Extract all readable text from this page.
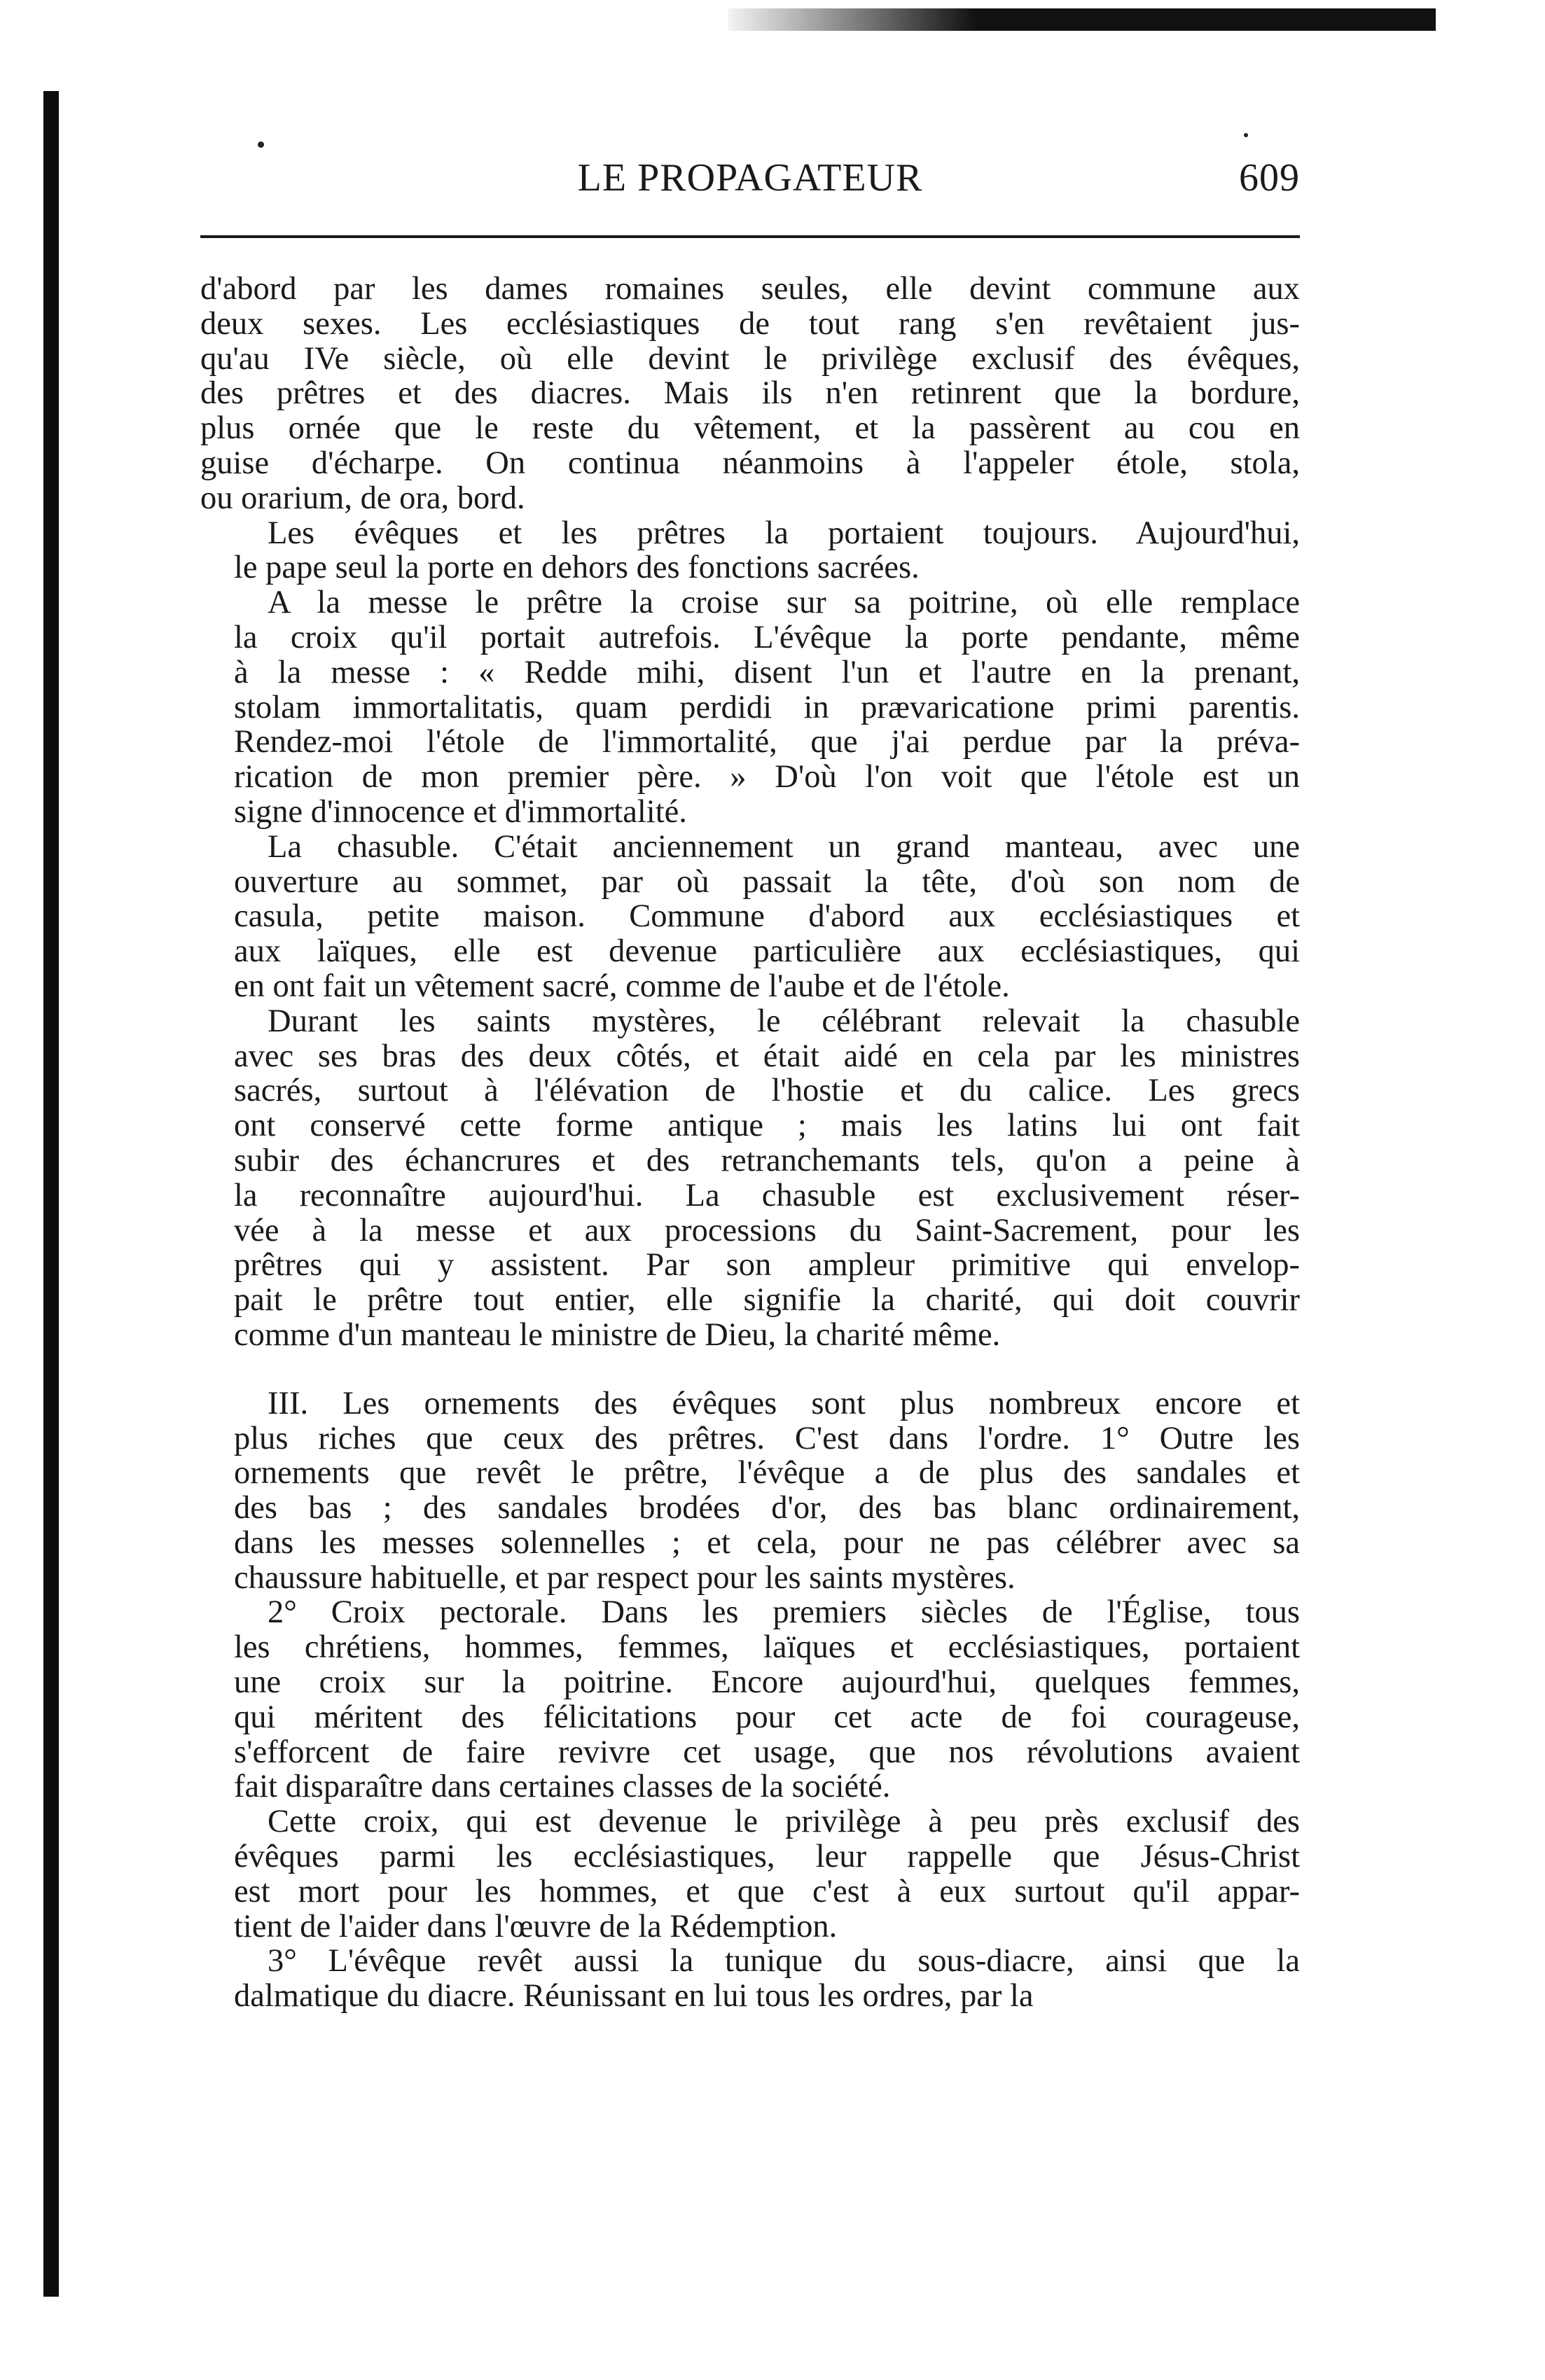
LE PROPAGATEUR	609
d'abord par les dames romaines seules, elle devint commune aux
deux sexes. Les ecclésiastiques de tout rang s'en revêtaient jus-
qu'au IVe siècle, où elle devint le privilège exclusif des évêques,
des prêtres et des diacres. Mais ils n'en retinrent que la bordure,
plus ornée que le reste du vêtement, et la passèrent au cou en
guise d'écharpe. On continua néanmoins à l'appeler étole, stola,
ou orarium, de ora, bord.
Les évêques et les prêtres la portaient toujours. Aujourd'hui,
le pape seul la porte en dehors des fonctions sacrées.
A la messe le prêtre la croise sur sa poitrine, où elle remplace
la croix qu'il portait autrefois. L'évêque la porte pendante, même
à la messe : « Redde mihi, disent l'un et l'autre en la prenant,
stolam immortalitatis, quam perdidi in prævaricatione primi parentis.
Rendez-moi l'étole de l'immortalité, que j'ai perdue par la préva-
rication de mon premier père. » D'où l'on voit que l'étole est un
signe d'innocence et d'immortalité.
La chasuble. C'était anciennement un grand manteau, avec une
ouverture au sommet, par où passait la tête, d'où son nom de
casula, petite maison. Commune d'abord aux ecclésiastiques et
aux laïques, elle est devenue particulière aux ecclésiastiques, qui
en ont fait un vêtement sacré, comme de l'aube et de l'étole.
Durant les saints mystères, le célébrant relevait la chasuble
avec ses bras des deux côtés, et était aidé en cela par les ministres
sacrés, surtout à l'élévation de l'hostie et du calice. Les grecs
ont conservé cette forme antique ; mais les latins lui ont fait
subir des échancrures et des retranchemants tels, qu'on a peine à
la reconnaître aujourd'hui. La chasuble est exclusivement réser-
vée à la messe et aux processions du Saint-Sacrement, pour les
prêtres qui y assistent. Par son ampleur primitive qui envelop-
pait le prêtre tout entier, elle signifie la charité, qui doit couvrir
comme d'un manteau le ministre de Dieu, la charité même.
III. Les ornements des évêques sont plus nombreux encore et
plus riches que ceux des prêtres. C'est dans l'ordre. 1° Outre les
ornements que revêt le prêtre, l'évêque a de plus des sandales et
des bas ; des sandales brodées d'or, des bas blanc ordinairement,
dans les messes solennelles ; et cela, pour ne pas célébrer avec sa
chaussure habituelle, et par respect pour les saints mystères.
2° Croix pectorale. Dans les premiers siècles de l'Église, tous
les chrétiens, hommes, femmes, laïques et ecclésiastiques, portaient
une croix sur la poitrine. Encore aujourd'hui, quelques femmes,
qui méritent des félicitations pour cet acte de foi courageuse,
s'efforcent de faire revivre cet usage, que nos révolutions avaient
fait disparaître dans certaines classes de la société.
Cette croix, qui est devenue le privilège à peu près exclusif des
évêques parmi les ecclésiastiques, leur rappelle que Jésus-Christ
est mort pour les hommes, et que c'est à eux surtout qu'il appar-
tient de l'aider dans l'œuvre de la Rédemption.
3° L'évêque revêt aussi la tunique du sous-diacre, ainsi que la
dalmatique du diacre. Réunissant en lui tous les ordres, par la
